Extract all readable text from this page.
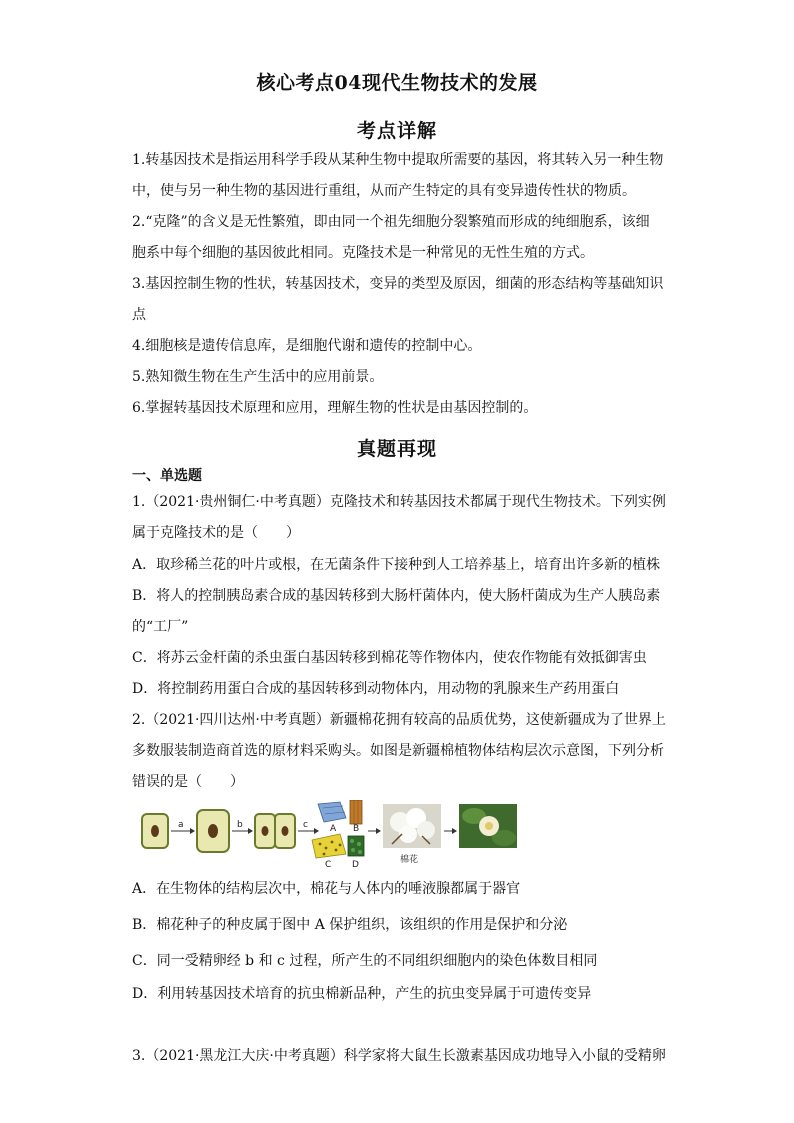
核心考点04现代生物技术的发展
考点详解
1.转基因技术是指运用科学手段从某种生物中提取所需要的基因，将其转入另一种生物
中，使与另一种生物的基因进行重组，从而产生特定的具有变异遗传性状的物质。
2.“克隆”的含义是无性繁殖，即由同一个祖先细胞分裂繁殖而形成的纯细胞系，该细
胞系中每个细胞的基因彼此相同。克隆技术是一种常见的无性生殖的方式。
3.基因控制生物的性状，转基因技术，变异的类型及原因，细菌的形态结构等基础知识
点
4.细胞核是遗传信息库，是细胞代谢和遗传的控制中心。
5.熟知微生物在生产生活中的应用前景。
6.掌握转基因技术原理和应用，理解生物的性状是由基因控制的。
真题再现
一、单选题
1.（2021·贵州铜仁·中考真题）克隆技术和转基因技术都属于现代生物技术。下列实例
属于克隆技术的是（　　）
A．取珍稀兰花的叶片或根，在无菌条件下接种到人工培养基上，培育出许多新的植株
B．将人的控制胰岛素合成的基因转移到大肠杆菌体内，使大肠杆菌成为生产人胰岛素
的“工厂”
C．将苏云金杆菌的杀虫蛋白基因转移到棉花等作物体内，使农作物能有效抵御害虫
D．将控制药用蛋白合成的基因转移到动物体内，用动物的乳腺来生产药用蛋白
2.（2021·四川达州·中考真题）新疆棉花拥有较高的品质优势，这使新疆成为了世界上
多数服装制造商首选的原材料采购头。如图是新疆棉植物体结构层次示意图，下列分析
错误的是（　　）
a	b	c A B
C D	棉花
A．在生物体的结构层次中，棉花与人体内的唾液腺都属于器官
B．棉花种子的种皮属于图中 A 保护组织，该组织的作用是保护和分泌
C．同一受精卵经 b 和 c 过程，所产生的不同组织细胞内的染色体数目相同
D．利用转基因技术培育的抗虫棉新品种，产生的抗虫变异属于可遗传变异
3.（2021·黑龙江大庆·中考真题）科学家将大鼠生长激素基因成功地导入小鼠的受精卵
